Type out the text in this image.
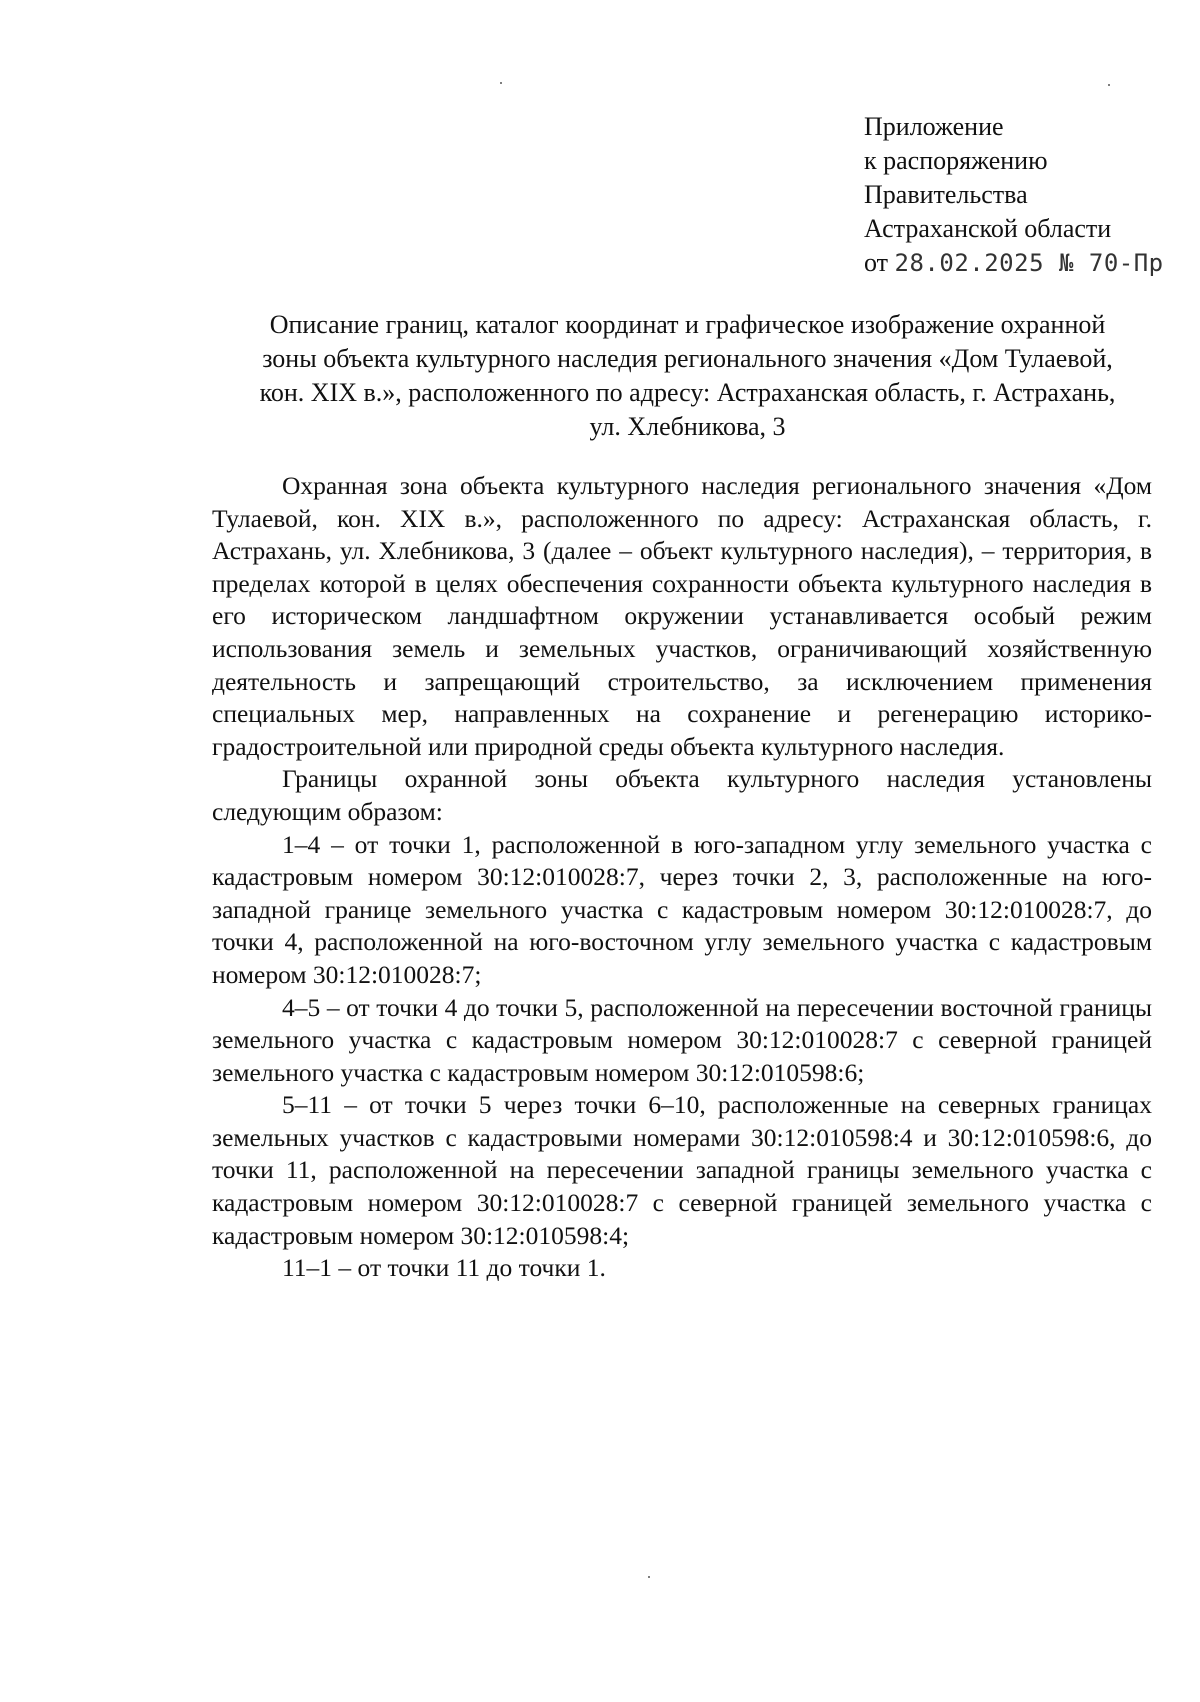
Приложение
к распоряжению
Правительства
Астраханской области
от 28.02.2025 № 70-Пр
Описание границ, каталог координат и графическое изображение охранной
зоны объекта культурного наследия регионального значения «Дом Тулаевой,
кон. XIX в.», расположенного по адресу: Астраханская область, г. Астрахань,
ул. Хлебникова, 3

Охранная зона объекта культурного наследия регионального значения «Дом Тулаевой, кон. XIX в.», расположенного по адресу: Астраханская область, г. Астрахань, ул. Хлебникова, 3 (далее – объект культурного наследия), – территория, в пределах которой в целях обеспечения сохранности объекта культурного наследия в его историческом ландшафтном окружении устанавливается особый режим использования земель и земельных участков, ограничивающий хозяйственную деятельность и запрещающий строительство, за исключением применения специальных мер, направленных на сохранение и регенерацию историко-градостроительной или природной среды объекта культурного наследия.

Границы охранной зоны объекта культурного наследия установлены следующим образом:

1–4 – от точки 1, расположенной в юго-западном углу земельного участка с кадастровым номером 30:12:010028:7, через точки 2, 3, расположенные на юго-западной границе земельного участка с кадастровым номером 30:12:010028:7, до точки 4, расположенной на юго-восточном углу земельного участка с кадастровым номером 30:12:010028:7;

4–5 – от точки 4 до точки 5, расположенной на пересечении восточной границы земельного участка с кадастровым номером 30:12:010028:7 с северной границей земельного участка с кадастровым номером 30:12:010598:6;

5–11 – от точки 5 через точки 6–10, расположенные на северных границах земельных участков с кадастровыми номерами 30:12:010598:4 и 30:12:010598:6, до точки 11, расположенной на пересечении западной границы земельного участка с кадастровым номером 30:12:010028:7 с северной границей земельного участка с кадастровым номером 30:12:010598:4;

11–1 – от точки 11 до точки 1.
